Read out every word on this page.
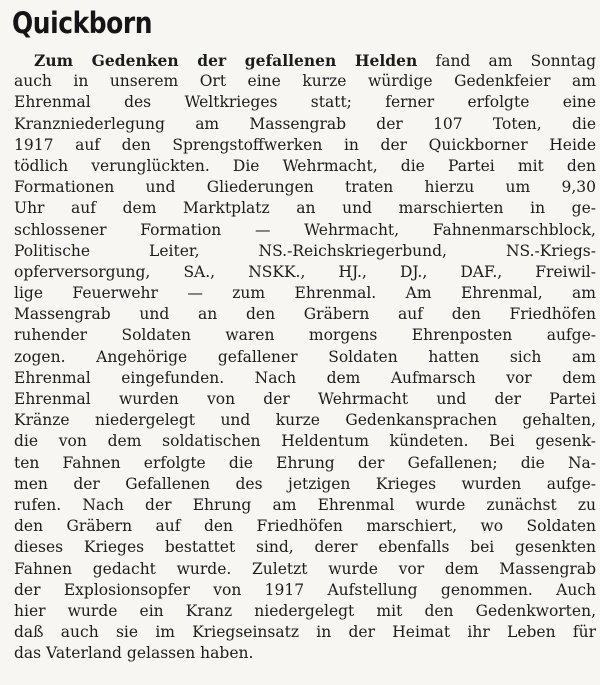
Quickborn
Zum Gedenken der gefallenen Helden fand am Sonntag
auch in unserem Ort eine kurze würdige Gedenkfeier am
Ehrenmal des Weltkrieges statt; ferner erfolgte eine
Kranzniederlegung am Massengrab der 107 Toten, die
1917 auf den Sprengstoffwerken in der Quickborner Heide
tödlich verunglückten. Die Wehrmacht, die Partei mit den
Formationen und Gliederungen traten hierzu um 9,30
Uhr auf dem Marktplatz an und marschierten in ge-
schlossener Formation — Wehrmacht, Fahnenmarschblock,
Politische Leiter, NS.-Reichskriegerbund, NS.-Kriegs-
opferversorgung, SA., NSKK., HJ., DJ., DAF., Freiwil-
lige Feuerwehr — zum Ehrenmal. Am Ehrenmal, am
Massengrab und an den Gräbern auf den Friedhöfen
ruhender Soldaten waren morgens Ehrenposten aufge-
zogen. Angehörige gefallener Soldaten hatten sich am
Ehrenmal eingefunden. Nach dem Aufmarsch vor dem
Ehrenmal wurden von der Wehrmacht und der Partei
Kränze niedergelegt und kurze Gedenkansprachen gehalten,
die von dem soldatischen Heldentum kündeten. Bei gesenk-
ten Fahnen erfolgte die Ehrung der Gefallenen; die Na-
men der Gefallenen des jetzigen Krieges wurden aufge-
rufen. Nach der Ehrung am Ehrenmal wurde zunächst zu
den Gräbern auf den Friedhöfen marschiert, wo Soldaten
dieses Krieges bestattet sind, derer ebenfalls bei gesenkten
Fahnen gedacht wurde. Zuletzt wurde vor dem Massengrab
der Explosionsopfer von 1917 Aufstellung genommen. Auch
hier wurde ein Kranz niedergelegt mit den Gedenkworten,
daß auch sie im Kriegseinsatz in der Heimat ihr Leben für
das Vaterland gelassen haben.
